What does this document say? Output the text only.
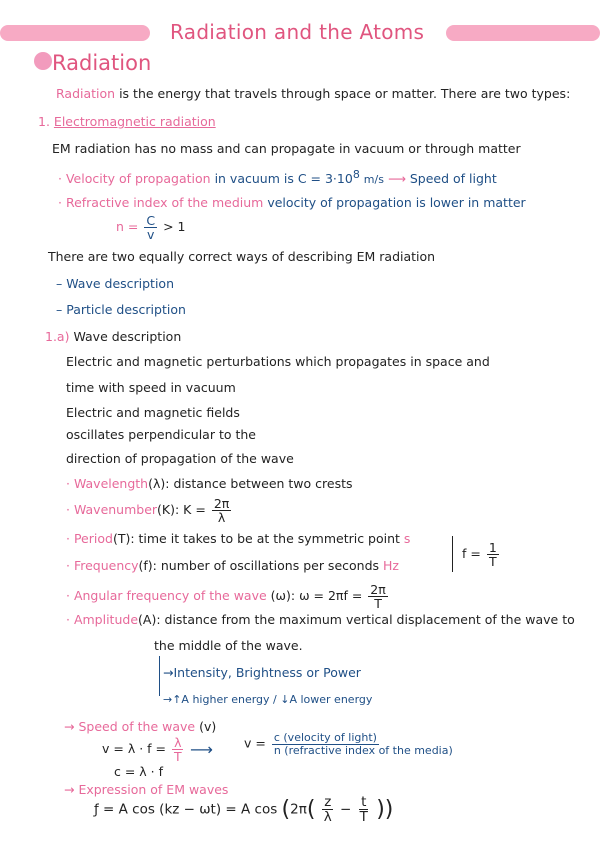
Radiation and the Atoms
Radiation
Radiation is the energy that travels through space or matter. There are two types:
1. Electromagnetic radiation
EM radiation has no mass and can propagate in vacuum or through matter
· Velocity of propagation in vacuum is $C = 3\cdot 10^8$ m/s ⟶ Speed of light
· Refractive index of the medium velocity of propagation is lower in matter
$n = \frac{C}{v} > 1$
There are two equally correct ways of describing EM radiation
– Wave description
– Particle description
1.a) Wave description
Electric and magnetic perturbations which propagates in space and
time with speed in vacuum
Electric and magnetic fields
oscillates perpendicular to the
direction of propagation of the wave
· Wavelength(λ): distance between two crests
· Wavenumber(K): $K = \frac{2\pi}{\lambda}$
· Period(T): time it takes to be at the symmetric point s
· Frequency(f): number of oscillations per seconds Hz
$f = \frac{1}{T}$
· Angular frequency of the wave (ω): $\omega = 2\pi f = \frac{2\pi}{T}$
· Amplitude(A): distance from the maximum vertical displacement of the wave to
the middle of the wave.
→Intensity, Brightness or Power
→↑A higher energy / ↓A lower energy
→ Speed of the wave (v)
$v = \lambda \cdot f = \frac{\lambda}{T}$ ⟶ $v = \frac{\text{c (velocity of light)}}{\text{n (refractive index of the media)}}$
c = λ · f
→ Expression of EM waves
ƒ = A cos (kz − ωt) = A $\cos (2\pi( \frac{z}{\lambda} - \frac{t}{T}$ ))
